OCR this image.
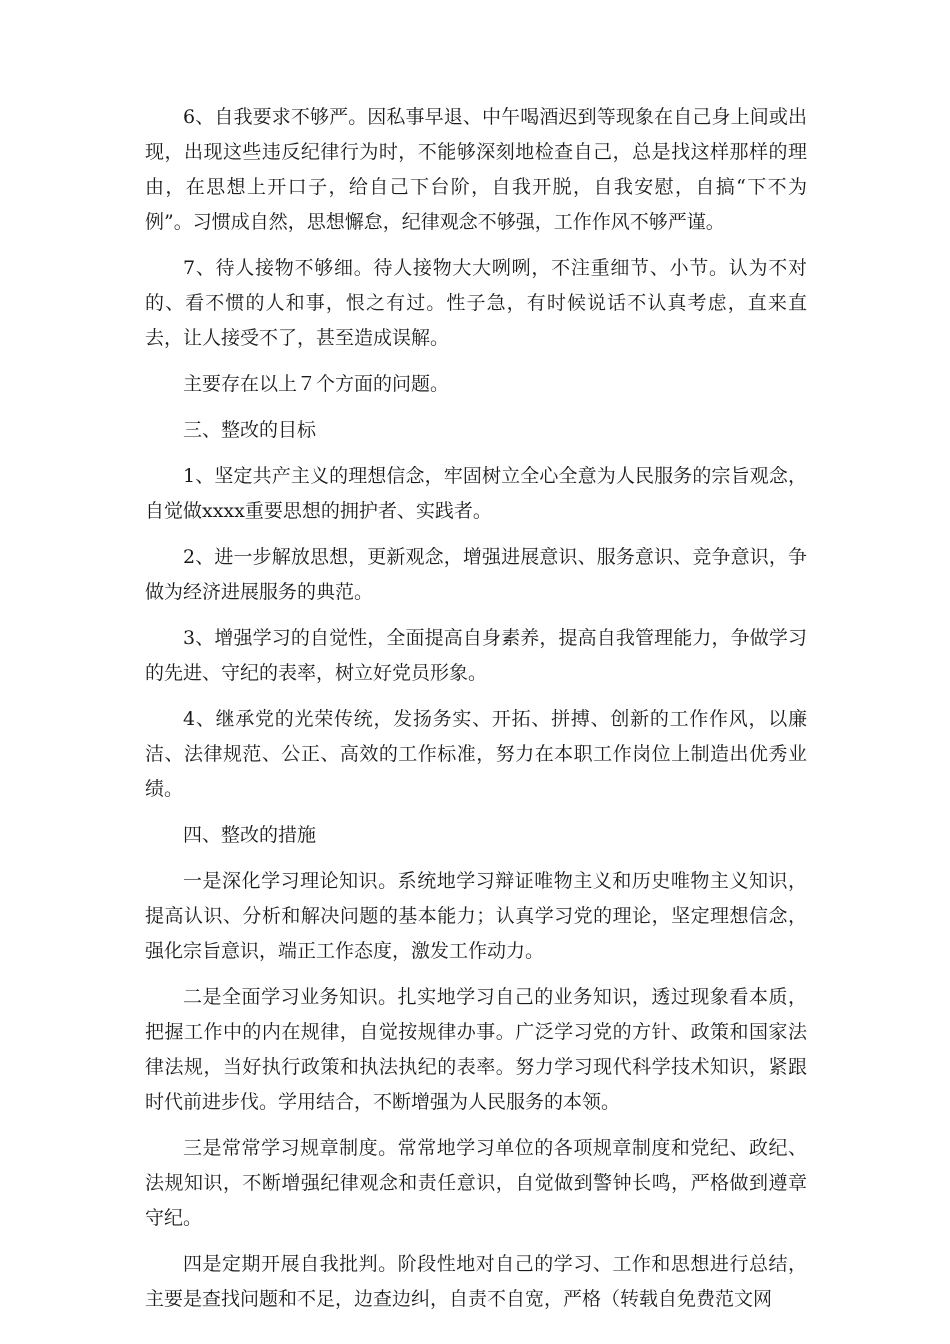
6、自我要求不够严。因私事早退、中午喝酒迟到等现象在自己身上间或出现，出现这些违反纪律行为时，不能够深刻地检查自己，总是找这样那样的理由，在思想上开口子，给自己下台阶，自我开脱，自我安慰，自搞“下不为例”。习惯成自然，思想懈怠，纪律观念不够强，工作作风不够严谨。

7、待人接物不够细。待人接物大大咧咧，不注重细节、小节。认为不对的、看不惯的人和事，恨之有过。性子急，有时候说话不认真考虑，直来直去，让人接受不了，甚至造成误解。

主要存在以上７个方面的问题。

三、整改的目标

1、坚定共产主义的理想信念，牢固树立全心全意为人民服务的宗旨观念，自觉做xxxx重要思想的拥护者、实践者。

2、进一步解放思想，更新观念，增强进展意识、服务意识、竞争意识，争做为经济进展服务的典范。

3、增强学习的自觉性，全面提高自身素养，提高自我管理能力，争做学习的先进、守纪的表率，树立好党员形象。

4、继承党的光荣传统，发扬务实、开拓、拼搏、创新的工作作风，以廉洁、法律规范、公正、高效的工作标准，努力在本职工作岗位上制造出优秀业绩。

四、整改的措施

一是深化学习理论知识。系统地学习辩证唯物主义和历史唯物主义知识，提高认识、分析和解决问题的基本能力；认真学习党的理论，坚定理想信念，强化宗旨意识，端正工作态度，激发工作动力。

二是全面学习业务知识。扎实地学习自己的业务知识，透过现象看本质，把握工作中的内在规律，自觉按规律办事。广泛学习党的方针、政策和国家法律法规，当好执行政策和执法执纪的表率。努力学习现代科学技术知识，紧跟时代前进步伐。学用结合，不断增强为人民服务的本领。

三是常常学习规章制度。常常地学习单位的各项规章制度和党纪、政纪、法规知识，不断增强纪律观念和责任意识，自觉做到警钟长鸣，严格做到遵章守纪。

四是定期开展自我批判。阶段性地对自己的学习、工作和思想进行总结，主要是查找问题和不足，边查边纠，自责不自宽，严格（转载自免费范文网
